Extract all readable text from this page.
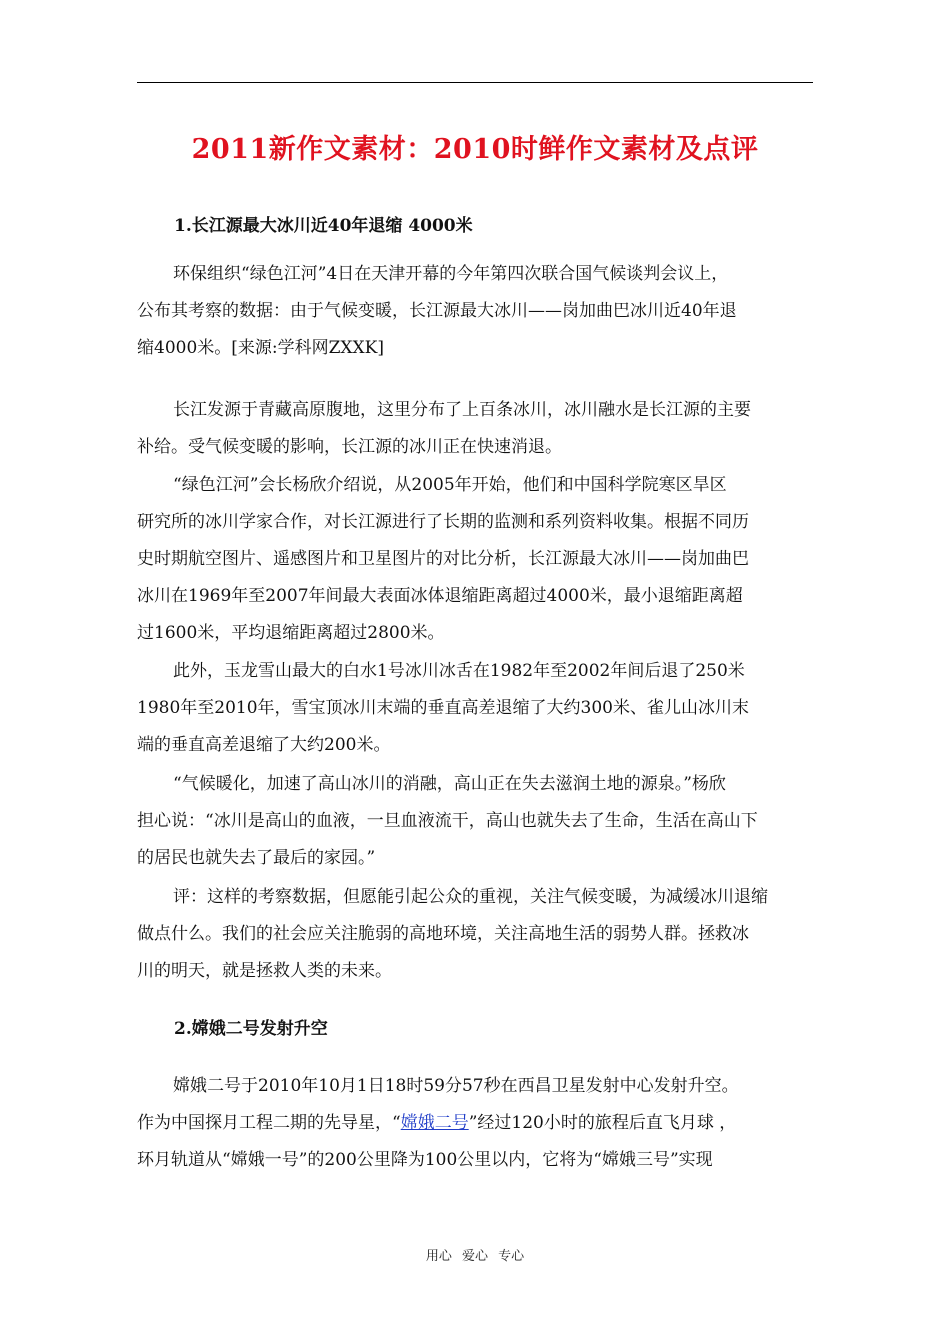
2011新作文素材：2010时鲜作文素材及点评
1.长江源最大冰川近40年退缩 4000米
环保组织“绿色江河”4日在天津开幕的今年第四次联合国气候谈判会议上，
公布其考察的数据：由于气候变暖，长江源最大冰川——岗加曲巴冰川近40年退
缩4000米。[来源:学科网ZXXK]
长江发源于青藏高原腹地，这里分布了上百条冰川，冰川融水是长江源的主要
补给。受气候变暖的影响，长江源的冰川正在快速消退。
“绿色江河”会长杨欣介绍说，从2005年开始，他们和中国科学院寒区旱区
研究所的冰川学家合作，对长江源进行了长期的监测和系列资料收集。根据不同历
史时期航空图片、遥感图片和卫星图片的对比分析，长江源最大冰川——岗加曲巴
冰川在1969年至2007年间最大表面冰体退缩距离超过4000米，最小退缩距离超
过1600米，平均退缩距离超过2800米。
此外，玉龙雪山最大的白水1号冰川冰舌在1982年至2002年间后退了250米
1980年至2010年，雪宝顶冰川末端的垂直高差退缩了大约300米、雀儿山冰川末
端的垂直高差退缩了大约200米。
“气候暖化，加速了高山冰川的消融，高山正在失去滋润土地的源泉。”杨欣
担心说：“冰川是高山的血液，一旦血液流干，高山也就失去了生命，生活在高山下
的居民也就失去了最后的家园。”
评：这样的考察数据，但愿能引起公众的重视，关注气候变暖，为减缓冰川退缩
做点什么。我们的社会应关注脆弱的高地环境，关注高地生活的弱势人群。拯救冰
川的明天，就是拯救人类的未来。
2.嫦娥二号发射升空
嫦娥二号于2010年10月1日18时59分57秒在西昌卫星发射中心发射升空。
作为中国探月工程二期的先导星，“嫦娥二号”经过120小时的旅程后直飞月球 ，
环月轨道从“嫦娥一号”的200公里降为100公里以内，它将为“嫦娥三号”实现
用心 爱心 专心
